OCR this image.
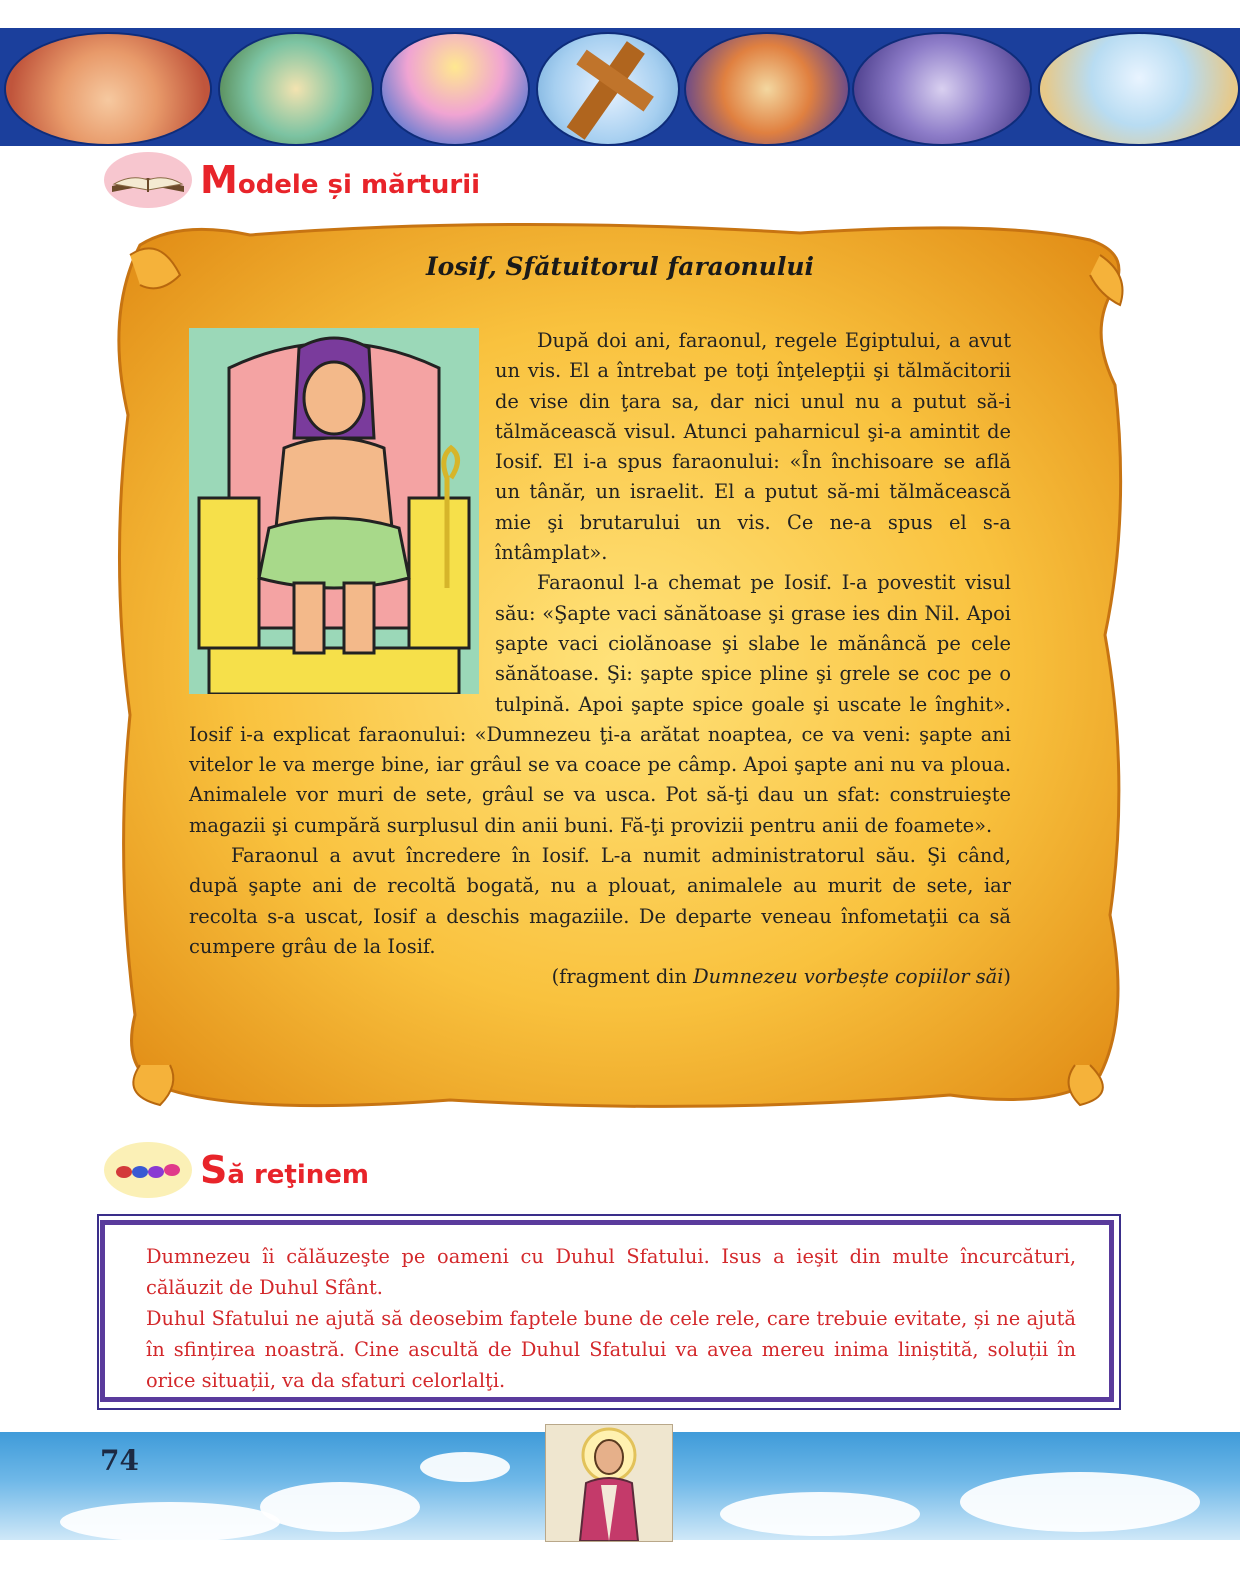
Modele și mărturii
Iosif, Sfătuitorul faraonului

După doi ani, faraonul, regele Egiptului, a avut un vis. El a întrebat pe toţi înţelepţii şi tălmăcitorii de vise din ţara sa, dar nici unul nu a putut să-i tălmăcească visul. Atunci paharnicul şi-a amintit de Iosif. El i-a spus faraonului: «În închisoare se află un tânăr, un israelit. El a putut să-mi tălmăcească mie şi brutarului un vis. Ce ne-a spus el s-a întâmplat».

Faraonul l-a chemat pe Iosif. I-a povestit visul său: «Şapte vaci sănătoase şi grase ies din Nil. Apoi şapte vaci ciolănoase şi slabe le mănâncă pe cele sănătoase. Şi: şapte spice pline şi grele se coc pe o tulpină. Apoi şapte spice goale şi uscate le înghit». Iosif i-a explicat faraonului: «Dumnezeu ţi-a arătat noaptea, ce va veni: şapte ani vitelor le va merge bine, iar grâul se va coace pe câmp. Apoi şapte ani nu va ploua. Animalele vor muri de sete, grâul se va usca. Pot să-ţi dau un sfat: construieşte magazii şi cumpără surplusul din anii buni. Fă-ţi provizii pentru anii de foamete».

Faraonul a avut încredere în Iosif. L-a numit administratorul său. Şi când, după şapte ani de recoltă bogată, nu a plouat, animalele au murit de sete, iar recolta s-a uscat, Iosif a deschis magaziile. De departe veneau înfometaţii ca să cumpere grâu de la Iosif.

(fragment din Dumnezeu vorbește copiilor săi)

Să reţinem

Dumnezeu îi călăuzeşte pe oameni cu Duhul Sfatului. Isus a ieşit din multe încurcături, călăuzit de Duhul Sfânt.

Duhul Sfatului ne ajută să deosebim faptele bune de cele rele, care trebuie evitate, și ne ajută în sfințirea noastră. Cine ascultă de Duhul Sfatului va avea mereu inima liniștită, soluții în orice situații, va da sfaturi celorlalţi.

74
